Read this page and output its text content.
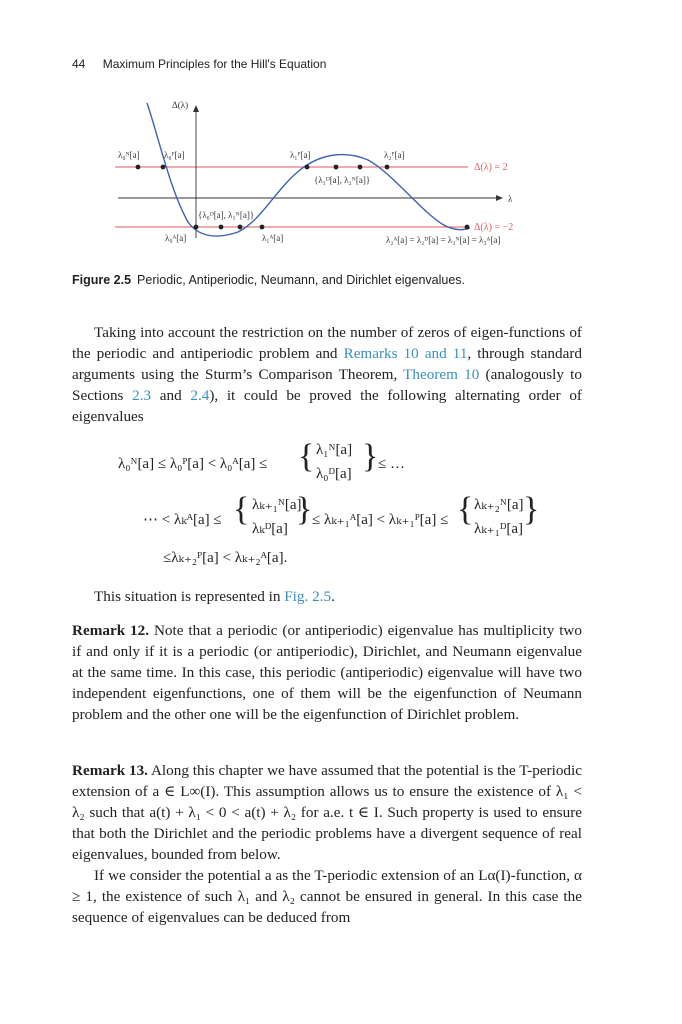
44 Maximum Principles for the Hill's Equation
Δ(λ)
λ
λ₀ᴺ[a]	λ₀ᴾ[a]	λ₁ᴾ[a]	λ₂ᴾ[a]
{λ₁ᴰ[a], λ₂ᴺ[a]}
{λ₀ᴰ[a], λ₁ᴺ[a]}
λ₀ᴬ[a]	λ₁ᴬ[a]	λ₂ᴬ[a] = λ₂ᴰ[a] = λ₃ᴺ[a] = λ₃ᴬ[a]
Δ(λ) = 2
Δ(λ) = −2
Figure 2.5 Periodic, Antiperiodic, Neumann, and Dirichlet eigenvalues.

Taking into account the restriction on the number of zeros of eigen-functions of the periodic and antiperiodic problem and Remarks 10 and 11, through standard arguments using the Sturm’s Comparison Theorem, Theorem 10 (analogously to Sections 2.3 and 2.4), it could be proved the following alternating order of eigenvalues

λ₀ᴺ[a] ≤ λ₀ᴾ[a] < λ₀ᴬ[a] ≤ { λ₁ᴺ[a]
λ₀ᴰ[a] } ≤ …
⋯ < λₖᴬ[a] ≤ { λₖ₊₁ᴺ[a]
λₖᴰ[a]
} ≤ λₖ₊₁ᴬ[a] < λₖ₊₁ᴾ[a] ≤ { λₖ₊₂ᴺ[a]
λₖ₊₁ᴰ[a]
}
≤λₖ₊₂ᴾ[a] < λₖ₊₂ᴬ[a].

This situation is represented in Fig. 2.5.

Remark 12. Note that a periodic (or antiperiodic) eigenvalue has multiplicity two if and only if it is a periodic (or antiperiodic), Dirichlet, and Neumann eigenvalue at the same time. In this case, this periodic (antiperiodic) eigenvalue will have two independent eigenfunctions, one of them will be the eigenfunction of Neumann problem and the other one will be the eigenfunction of Dirichlet problem.

Remark 13. Along this chapter we have assumed that the potential is the T-periodic extension of a ∈ L∞(I). This assumption allows us to ensure the existence of λ₁ < λ₂ such that a(t) + λ₁ < 0 < a(t) + λ₂ for a.e. t ∈ I. Such property is used to ensure that both the Dirichlet and the periodic problems have a divergent sequence of real eigenvalues, bounded from below.

If we consider the potential a as the T-periodic extension of an Lα(I)-function, α ≥ 1, the existence of such λ₁ and λ₂ cannot be ensured in general. In this case the sequence of eigenvalues can be deduced from
